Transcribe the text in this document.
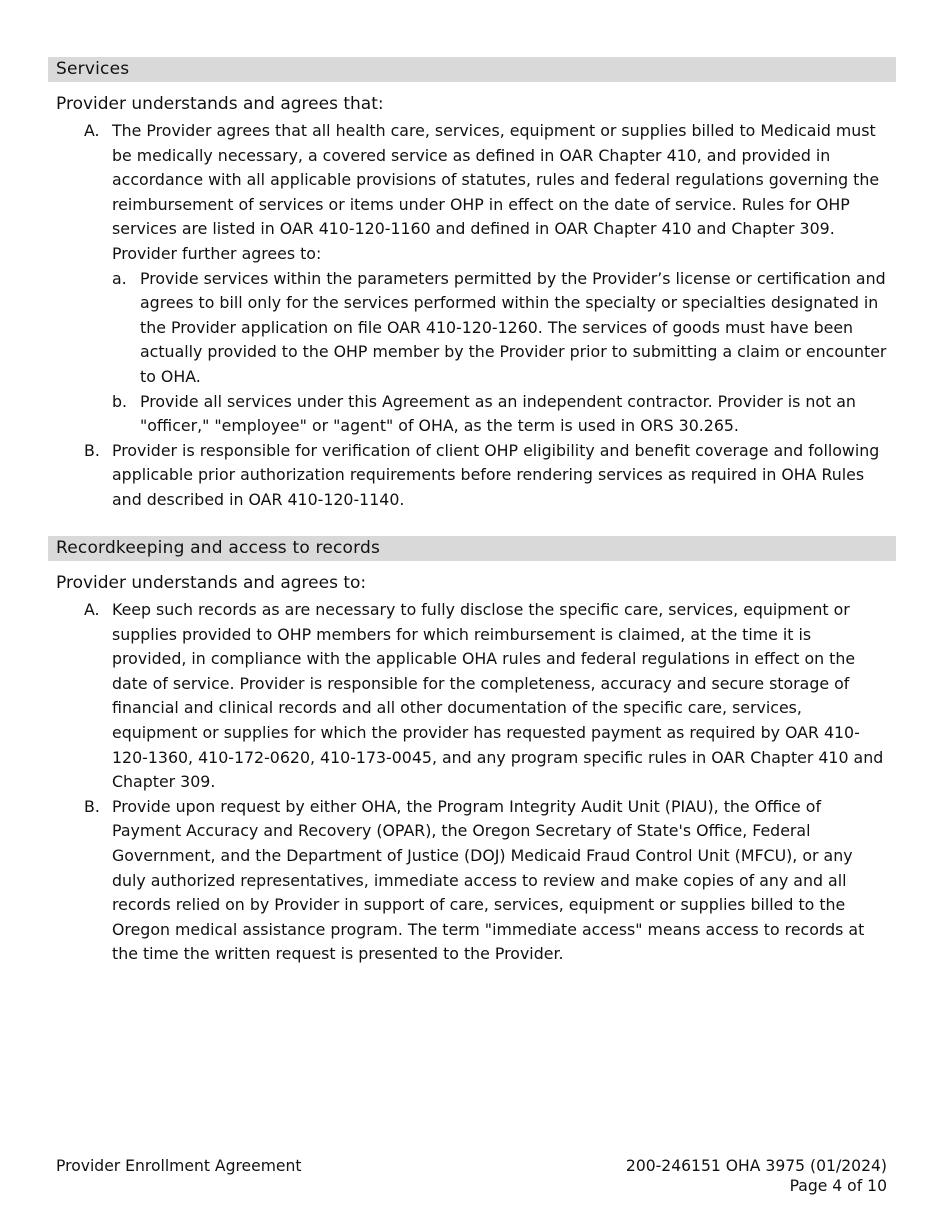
Services

Provider understands and agrees that:

A. The Provider agrees that all health care, services, equipment or supplies billed to Medicaid must be medically necessary, a covered service as defined in OAR Chapter 410, and provided in accordance with all applicable provisions of statutes, rules and federal regulations governing the reimbursement of services or items under OHP in effect on the date of service. Rules for OHP services are listed in OAR 410-120-1160 and defined in OAR Chapter 410 and Chapter 309. Provider further agrees to:
a. Provide services within the parameters permitted by the Provider’s license or certification and agrees to bill only for the services performed within the specialty or specialties designated in the Provider application on file OAR 410-120-1260. The services of goods must have been actually provided to the OHP member by the Provider prior to submitting a claim or encounter to OHA.
b. Provide all services under this Agreement as an independent contractor. Provider is not an "officer," "employee" or "agent" of OHA, as the term is used in ORS 30.265.
B. Provider is responsible for verification of client OHP eligibility and benefit coverage and following applicable prior authorization requirements before rendering services as required in OHA Rules and described in OAR 410-120-1140.
Recordkeeping and access to records

Provider understands and agrees to:

A. Keep such records as are necessary to fully disclose the specific care, services, equipment or supplies provided to OHP members for which reimbursement is claimed, at the time it is provided, in compliance with the applicable OHA rules and federal regulations in effect on the date of service. Provider is responsible for the completeness, accuracy and secure storage of financial and clinical records and all other documentation of the specific care, services, equipment or supplies for which the provider has requested payment as required by OAR 410-120-1360, 410-172-0620, 410-173-0045, and any program specific rules in OAR Chapter 410 and Chapter 309.
B. Provide upon request by either OHA, the Program Integrity Audit Unit (PIAU), the Office of Payment Accuracy and Recovery (OPAR), the Oregon Secretary of State's Office, Federal Government, and the Department of Justice (DOJ) Medicaid Fraud Control Unit (MFCU), or any duly authorized representatives, immediate access to review and make copies of any and all records relied on by Provider in support of care, services, equipment or supplies billed to the Oregon medical assistance program. The term "immediate access" means access to records at the time the written request is presented to the Provider.
Provider Enrollment Agreement	200-246151 OHA 3975 (01/2024)
Page 4 of 10
